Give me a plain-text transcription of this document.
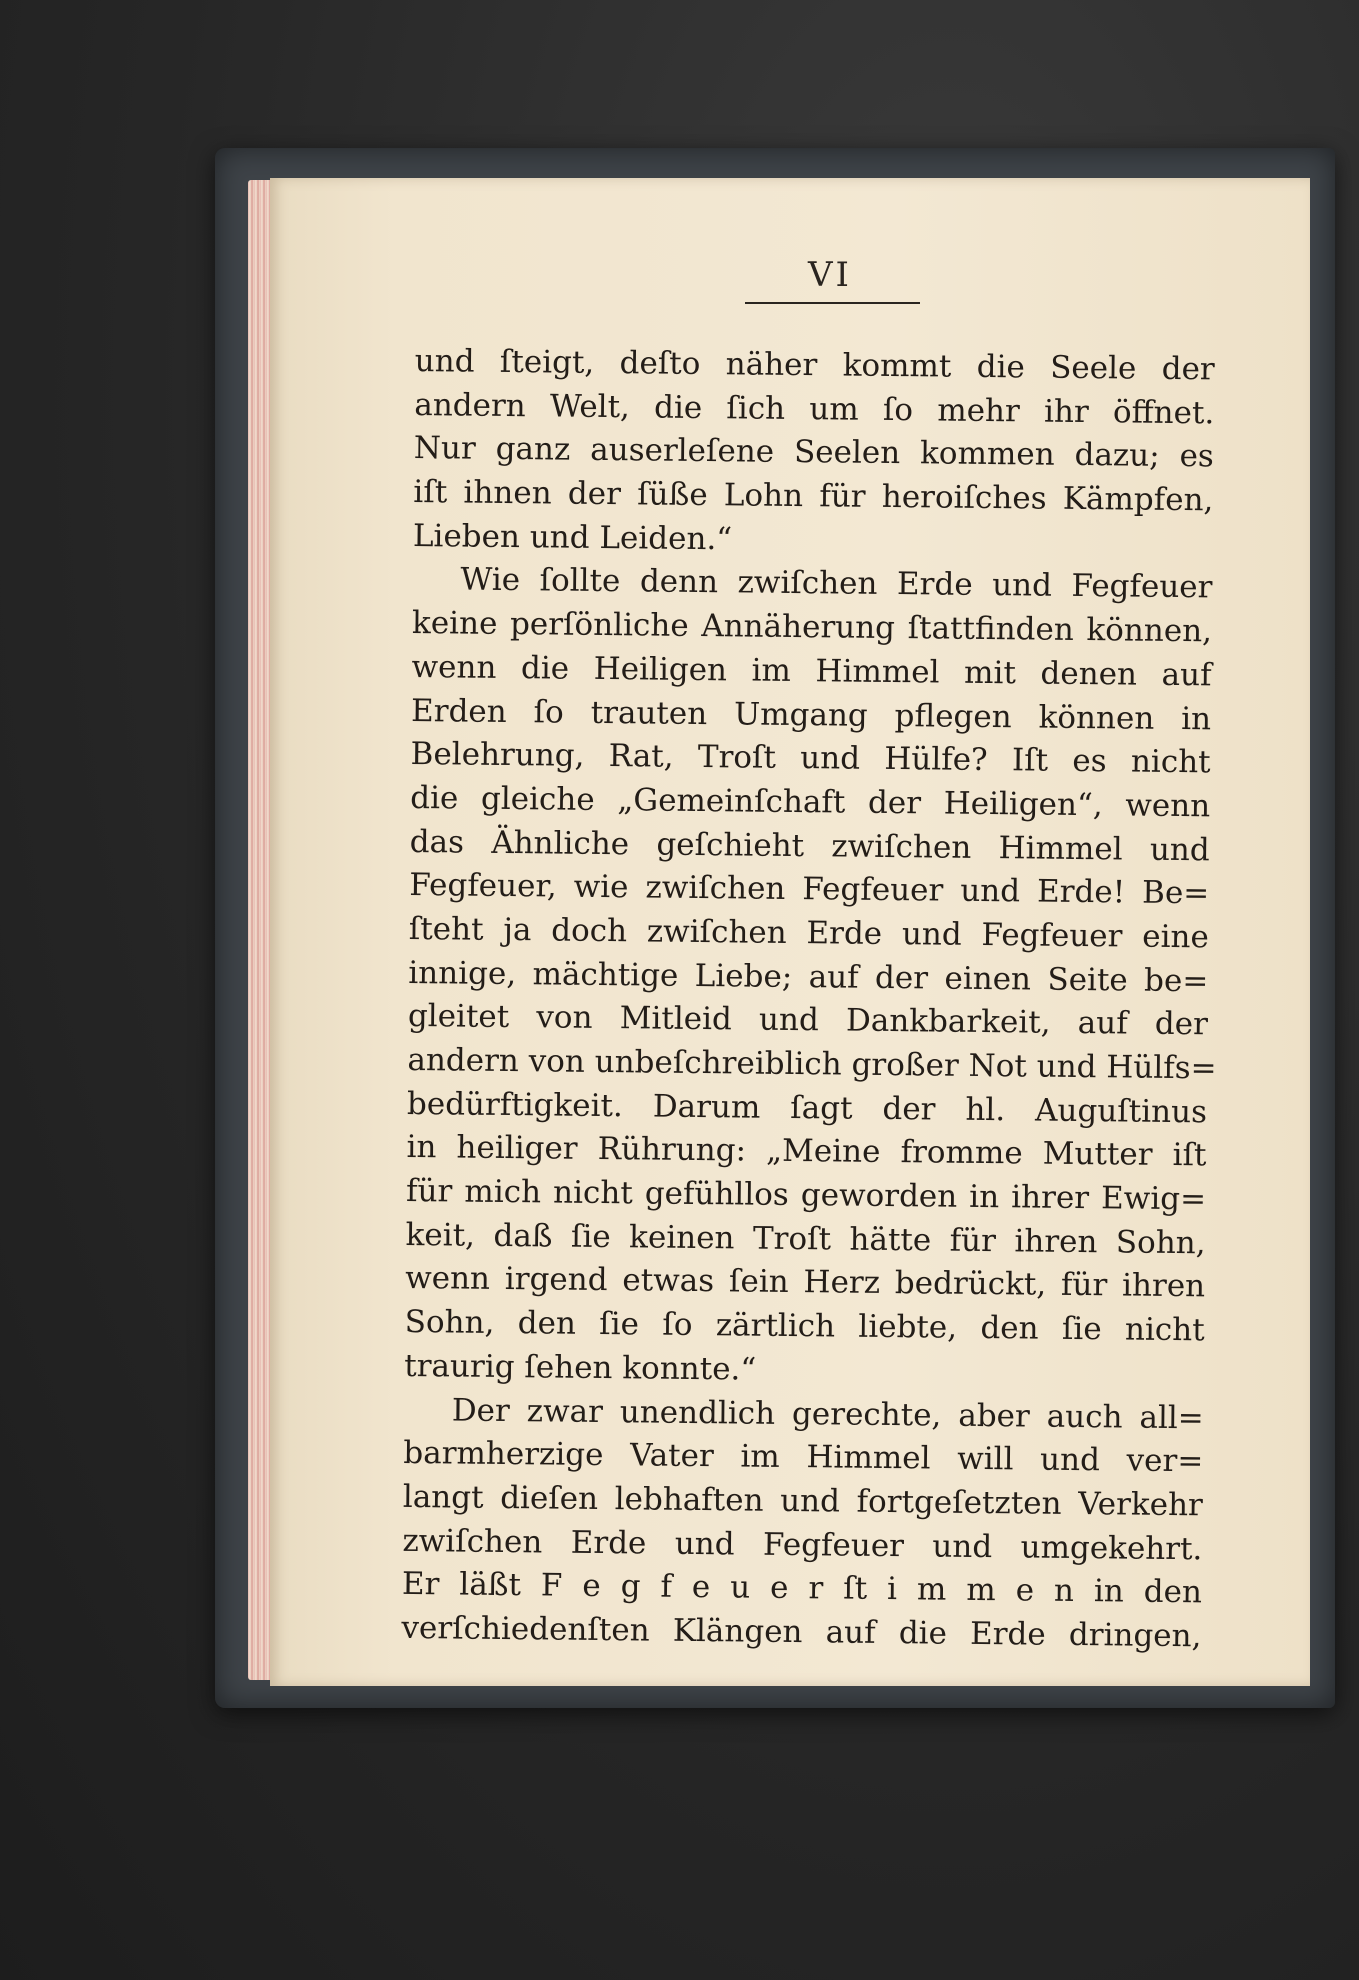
VI
und ſteigt, deſto näher kommt die Seele der
andern Welt, die ſich um ſo mehr ihr öffnet.
Nur ganz auserleſene Seelen kommen dazu; es
iſt ihnen der ſüße Lohn für heroiſches Kämpfen,
Lieben und Leiden.“
Wie ſollte denn zwiſchen Erde und Fegfeuer
keine perſönliche Annäherung ſtattfinden können,
wenn die Heiligen im Himmel mit denen auf
Erden ſo trauten Umgang pflegen können in
Belehrung, Rat, Troſt und Hülfe? Iſt es nicht
die gleiche „Gemeinſchaft der Heiligen“, wenn
das Ähnliche geſchieht zwiſchen Himmel und
Fegfeuer, wie zwiſchen Fegfeuer und Erde! Be=
ſteht ja doch zwiſchen Erde und Fegfeuer eine
innige, mächtige Liebe; auf der einen Seite be=
gleitet von Mitleid und Dankbarkeit, auf der
andern von unbeſchreiblich großer Not und Hülfs=
bedürftigkeit. Darum ſagt der hl. Auguſtinus
in heiliger Rührung: „Meine fromme Mutter iſt
für mich nicht gefühllos geworden in ihrer Ewig=
keit, daß ſie keinen Troſt hätte für ihren Sohn,
wenn irgend etwas ſein Herz bedrückt, für ihren
Sohn, den ſie ſo zärtlich liebte, den ſie nicht
traurig ſehen konnte.“
Der zwar unendlich gerechte, aber auch all=
barmherzige Vater im Himmel will und ver=
langt dieſen lebhaften und fortgeſetzten Verkehr
zwiſchen Erde und Fegfeuer und umgekehrt.
Er läßt F e g f e u e r ſt i m m e n in den
verſchiedenſten Klängen auf die Erde dringen,
